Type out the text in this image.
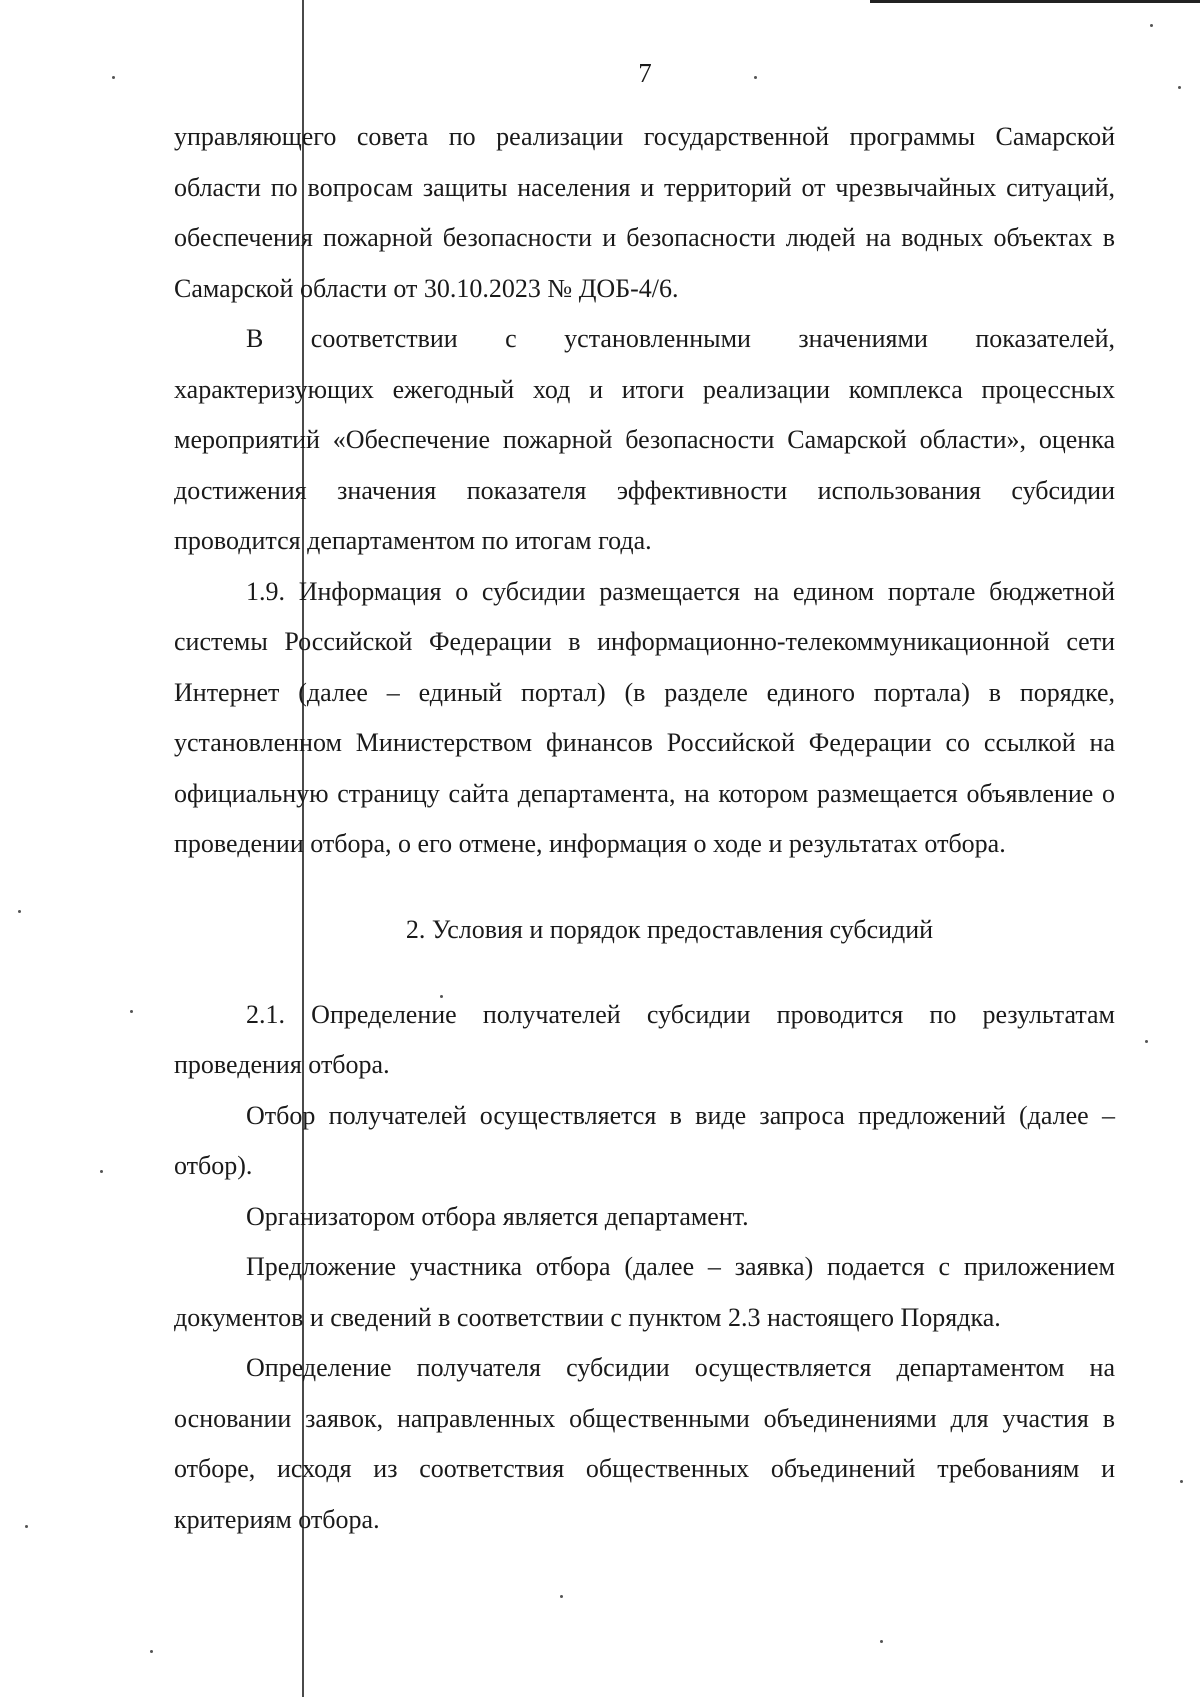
7

управляющего совета по реализации государственной программы Самарской области по вопросам защиты населения и территорий от чрезвычайных ситуаций, обеспечения пожарной безопасности и безопасности людей на водных объектах в Самарской области от 30.10.2023 № ДОБ-4/6.

В соответствии с установленными значениями показателей, характеризующих ежегодный ход и итоги реализации комплекса процессных мероприятий «Обеспечение пожарной безопасности Самарской области», оценка достижения значения показателя эффективности использования субсидии проводится департаментом по итогам года.

1.9. Информация о субсидии размещается на едином портале бюджетной системы Российской Федерации в информационно-телекоммуникационной сети Интернет (далее – единый портал) (в разделе единого портала) в порядке, установленном Министерством финансов Российской Федерации со ссылкой на официальную страницу сайта департамента, на котором размещается объявление о проведении отбора, о его отмене, информация о ходе и результатах отбора.

2. Условия и порядок предоставления субсидий

2.1. Определение получателей субсидии проводится по результатам проведения отбора.

Отбор получателей осуществляется в виде запроса предложений (далее – отбор).

Организатором отбора является департамент.

Предложение участника отбора (далее – заявка) подается с приложением документов и сведений в соответствии с пунктом 2.3 настоящего Порядка.

Определение получателя субсидии осуществляется департаментом на основании заявок, направленных общественными объединениями для участия в отборе, исходя из соответствия общественных объединений требованиям и критериям отбора.
